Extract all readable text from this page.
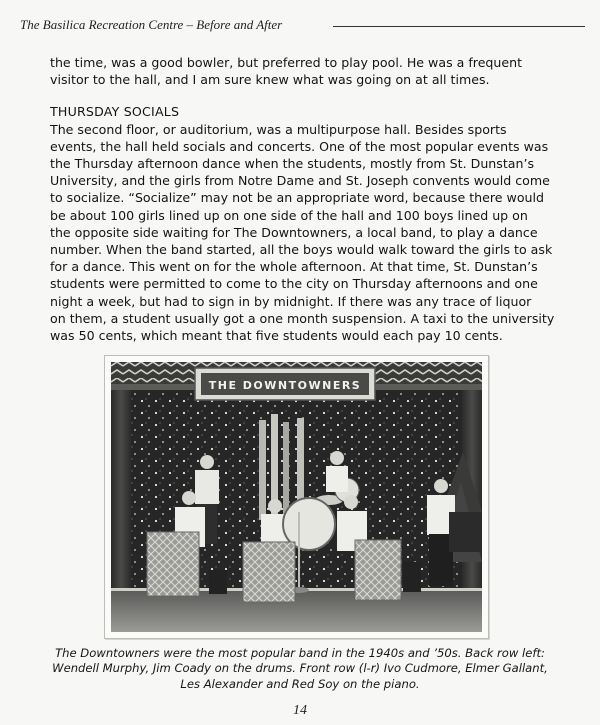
The Basilica Recreation Centre – Before and After

the time, was a good bowler, but preferred to play pool. He was a frequent
visitor to the hall, and I am sure knew what was going on at all times.

THURSDAY SOCIALS

The second floor, or auditorium, was a multipurpose hall. Besides sports
events, the hall held socials and concerts. One of the most popular events was
the Thursday afternoon dance when the students, mostly from St. Dunstan’s
University, and the girls from Notre Dame and St. Joseph convents would come
to socialize. “Socialize” may not be an appropriate word, because there would
be about 100 girls lined up on one side of the hall and 100 boys lined up on
the opposite side waiting for The Downtowners, a local band, to play a dance
number. When the band started, all the boys would walk toward the girls to ask
for a dance. This went on for the whole afternoon. At that time, St. Dunstan’s
students were permitted to come to the city on Thursday afternoons and one
night a week, but had to sign in by midnight. If there was any trace of liquor
on them, a student usually got a one month suspension. A taxi to the university
was 50 cents, which meant that five students would each pay 10 cents.

THE DOWNTOWNERS
The Downtowners were the most popular band in the 1940s and ’50s. Back row left:
Wendell Murphy, Jim Coady on the drums. Front row (l-r) Ivo Cudmore, Elmer Gallant,
Les Alexander and Red Soy on the piano.
14
